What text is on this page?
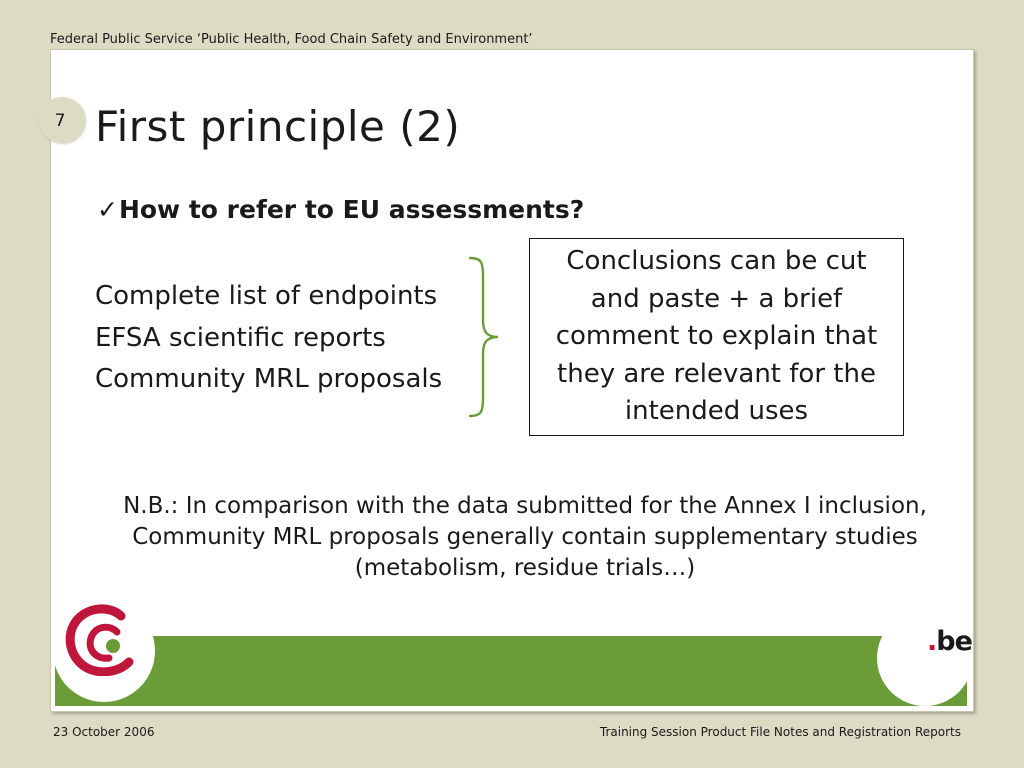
Federal Public Service ‘Public Health, Food Chain Safety and Environment’
7 First principle (2)
✓How to refer to EU assessments?
Complete list of endpoints
EFSA scientific reports
Community MRL proposals
Conclusions can be cut and paste + a brief comment to explain that they are relevant for the intended uses
N.B.: In comparison with the data submitted for the Annex I inclusion, Community MRL proposals generally contain supplementary studies (metabolism, residue trials…)
.be
23 October 2006	Training Session Product File Notes and Registration Reports
